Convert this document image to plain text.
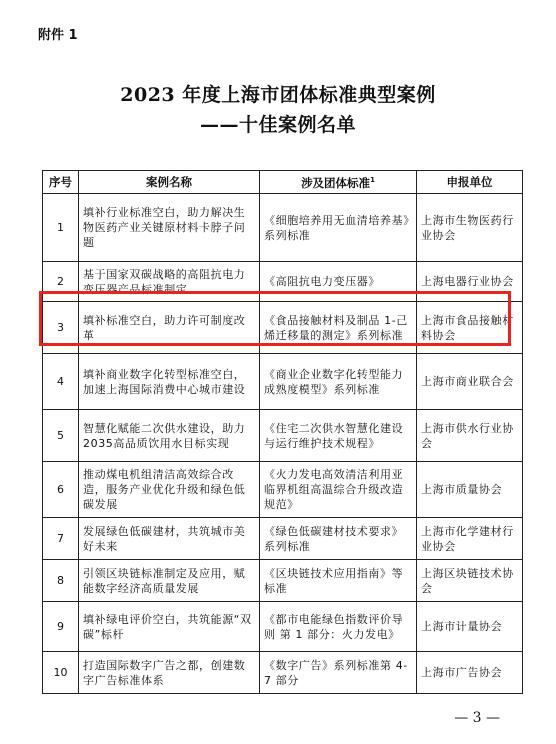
附件 1
2023 年度上海市团体标准典型案例
——十佳案例名单
序号	案例名称	涉及团体标准$^1$	申报单位
1	填补行业标准空白，助力解决生物医药产业关键原材料卡脖子问题	《细胞培养用无血清培养基》系列标准	上海市生物医药行业协会
2	基于国家双碳战略的高阻抗电力变压器产品标准制定	《高阻抗电力变压器》	上海电器行业协会
3	填补标准空白，助力许可制度改革	《食品接触材料及制品 1-己烯迁移量的测定》系列标准	上海市食品接触材料协会
4	填补商业数字化转型标准空白，加速上海国际消费中心城市建设	《商业企业数字化转型能力成熟度模型》系列标准	上海市商业联合会
5	智慧化赋能二次供水建设，助力2035高品质饮用水目标实现	《住宅二次供水智慧化建设与运行维护技术规程》	上海市供水行业协会
6	推动煤电机组清洁高效综合改造，服务产业优化升级和绿色低碳发展	《火力发电高效清洁利用亚临界机组高温综合升级改造规范》	上海市质量协会
7	发展绿色低碳建材，共筑城市美好未来	《绿色低碳建材技术要求》系列标准	上海市化学建材行业协会
8	引领区块链标准制定及应用，赋能数字经济高质量发展	《区块链技术应用指南》等标准	上海区块链技术协会
9	填补绿电评价空白，共筑能源“双碳”标杆	《都市电能绿色指数评价导则 第 1 部分：火力发电》	上海市计量协会
10	打造国际数字广告之都，创建数字广告标准体系	《数字广告》系列标准第 4-7 部分	上海市广告协会
— 3 —
